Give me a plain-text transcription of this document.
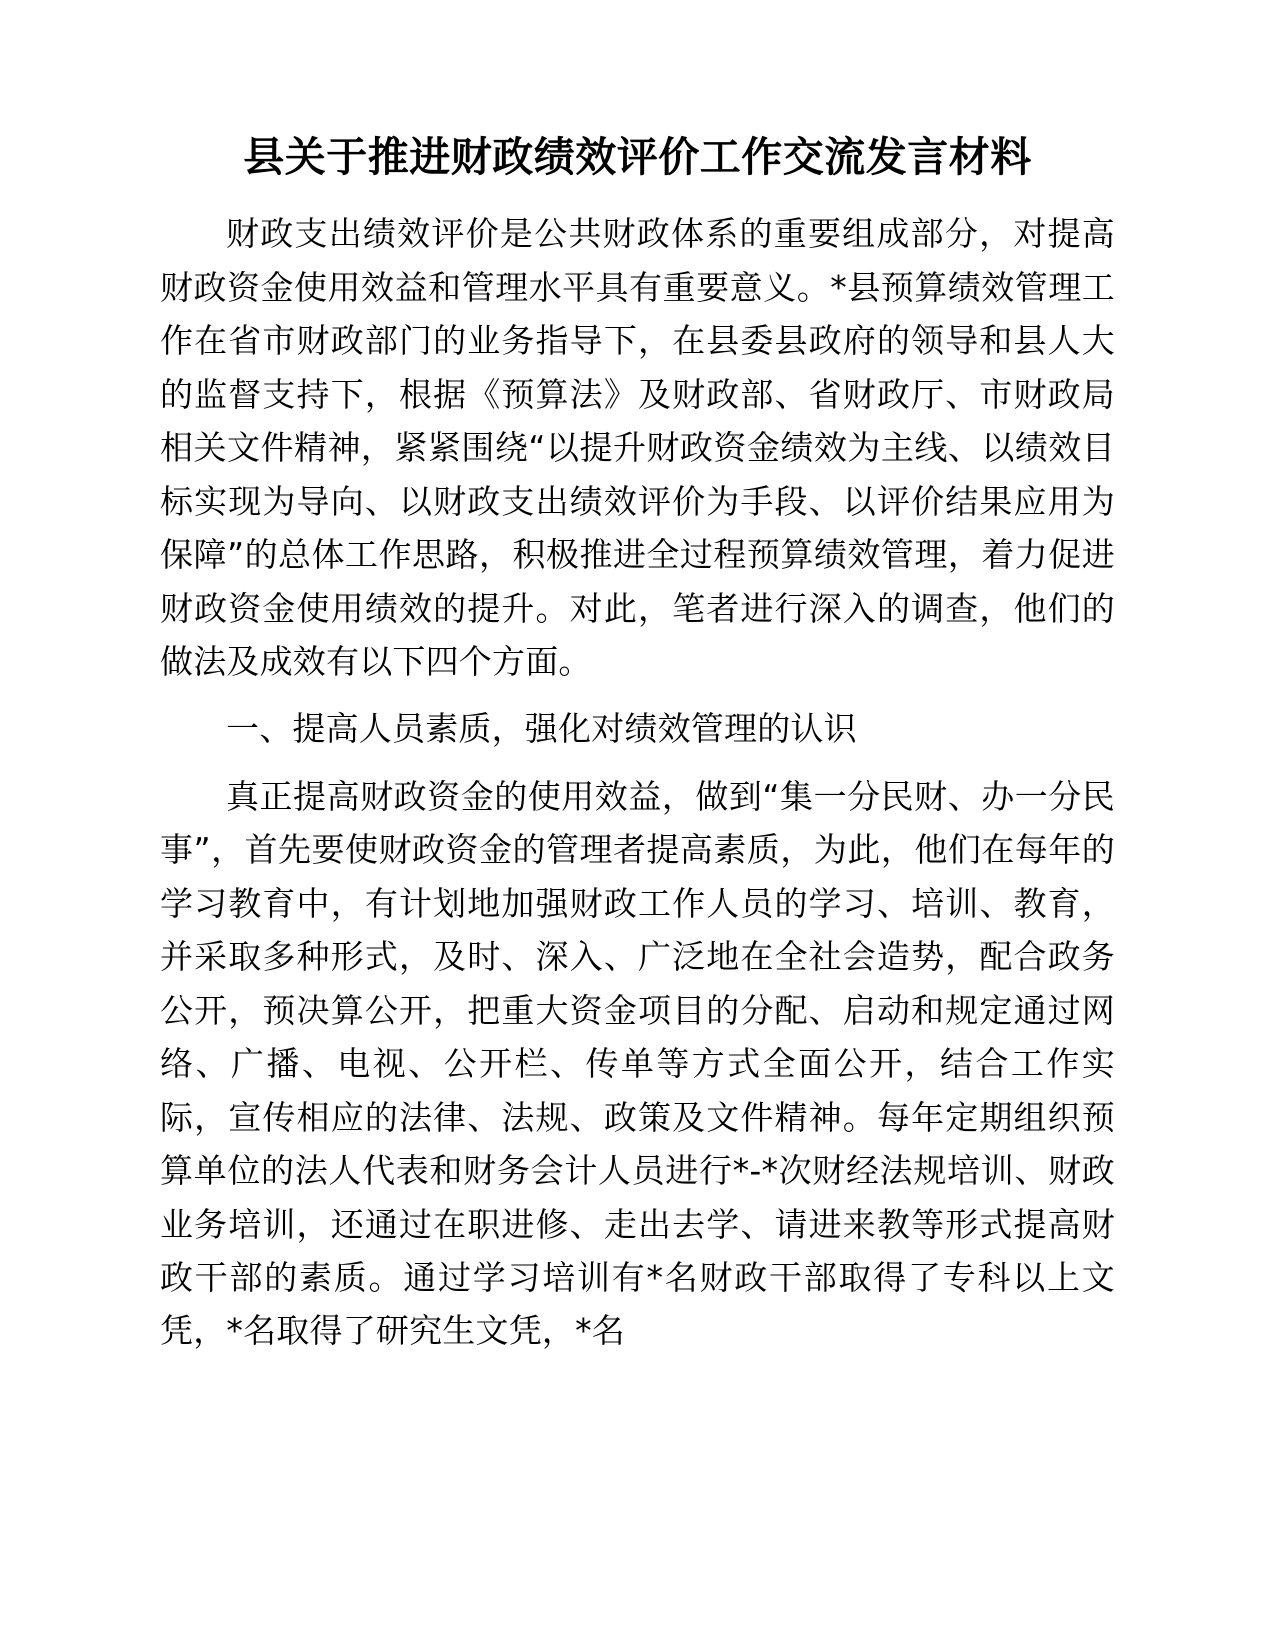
县关于推进财政绩效评价工作交流发言材料

财政支出绩效评价是公共财政体系的重要组成部分，对提高财政资金使用效益和管理水平具有重要意义。*县预算绩效管理工作在省市财政部门的业务指导下，在县委县政府的领导和县人大的监督支持下，根据《预算法》及财政部、省财政厅、市财政局相关文件精神，紧紧围绕“以提升财政资金绩效为主线、以绩效目标实现为导向、以财政支出绩效评价为手段、以评价结果应用为保障”的总体工作思路，积极推进全过程预算绩效管理，着力促进财政资金使用绩效的提升。对此，笔者进行深入的调查，他们的做法及成效有以下四个方面。

一、提高人员素质，强化对绩效管理的认识

真正提高财政资金的使用效益，做到“集一分民财、办一分民事”，首先要使财政资金的管理者提高素质，为此，他们在每年的学习教育中，有计划地加强财政工作人员的学习、培训、教育，并采取多种形式，及时、深入、广泛地在全社会造势，配合政务公开，预决算公开，把重大资金项目的分配、启动和规定通过网络、广播、电视、公开栏、传单等方式全面公开，结合工作实际，宣传相应的法律、法规、政策及文件精神。每年定期组织预算单位的法人代表和财务会计人员进行*-*次财经法规培训、财政业务培训，还通过在职进修、走出去学、请进来教等形式提高财政干部的素质。通过学习培训有*名财政干部取得了专科以上文凭，*名取得了研究生文凭，*名
